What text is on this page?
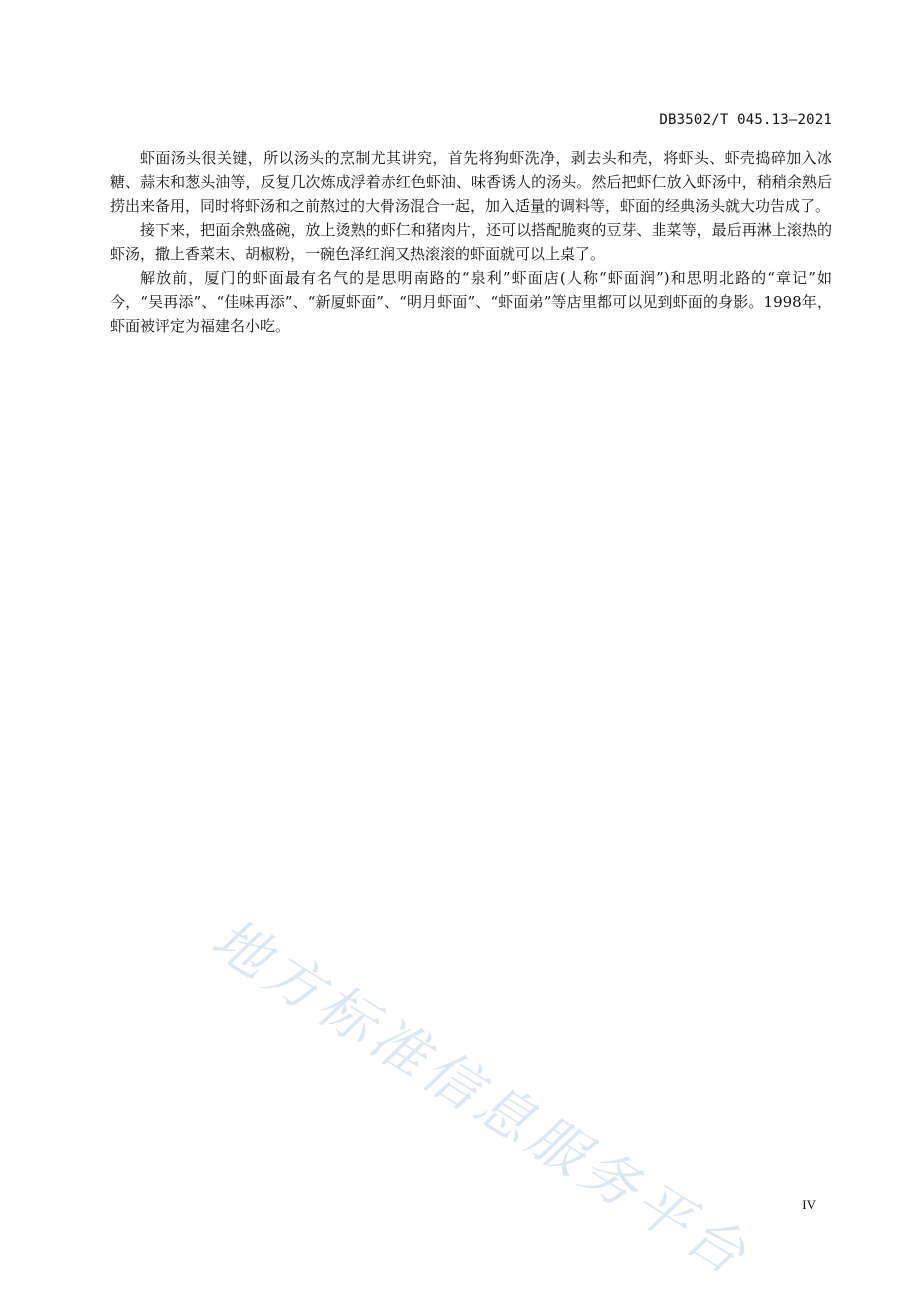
DB3502/T 045.13—2021

虾面汤头很关键，所以汤头的烹制尤其讲究，首先将狗虾洗净，剥去头和壳，将虾头、虾壳捣碎加入冰糖、蒜末和葱头油等，反复几次炼成浮着赤红色虾油、味香诱人的汤头。然后把虾仁放入虾汤中，稍稍余熟后捞出来备用，同时将虾汤和之前熬过的大骨汤混合一起，加入适量的调料等，虾面的经典汤头就大功告成了。

接下来，把面余熟盛碗，放上烫熟的虾仁和猪肉片，还可以搭配脆爽的豆芽、韭菜等，最后再淋上滚热的虾汤，撒上香菜末、胡椒粉，一碗色泽红润又热滚滚的虾面就可以上桌了。

解放前，厦门的虾面最有名气的是思明南路的“泉利”虾面店(人称“虾面润”)和思明北路的“章记”如今，“吴再添”、“佳味再添”、“新厦虾面”、“明月虾面”、“虾面弟”等店里都可以见到虾面的身影。1998年，虾面被评定为福建名小吃。

地方标准信息服务平台	IV
